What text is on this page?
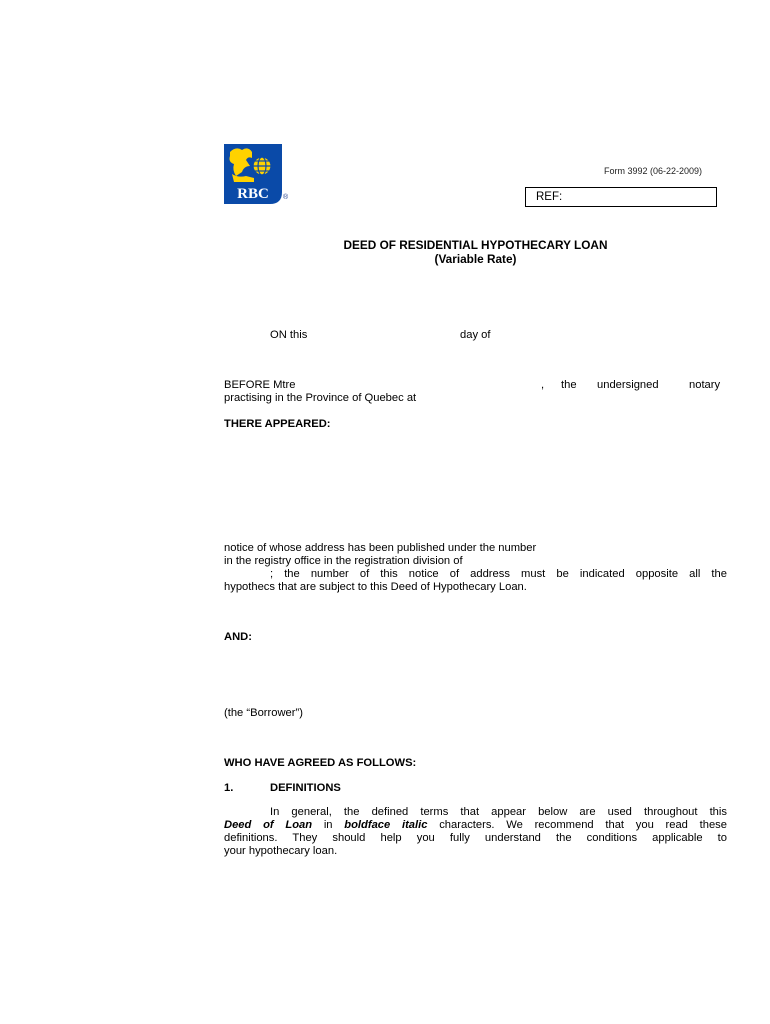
RBC ®
Form 3992 (06-22-2009)
REF:
DEED OF RESIDENTIAL HYPOTHECARY LOAN
(Variable Rate)
ON this	day of
BEFORE Mtre	, the undersigned	notary
practising in the Province of Quebec at
THERE APPEARED:
notice of whose address has been published under the number
in the registry office in the registration division of
; the number of this notice of address must be indicated opposite all the
hypothecs that are subject to this Deed of Hypothecary Loan.
AND:
(the “Borrower”)
WHO HAVE AGREED AS FOLLOWS:
1.	DEFINITIONS
In general, the defined terms that appear below are used throughout this
Deed of Loan in boldface italic characters. We recommend that you read these
definitions. They should help you fully understand the conditions applicable to
your hypothecary loan.
